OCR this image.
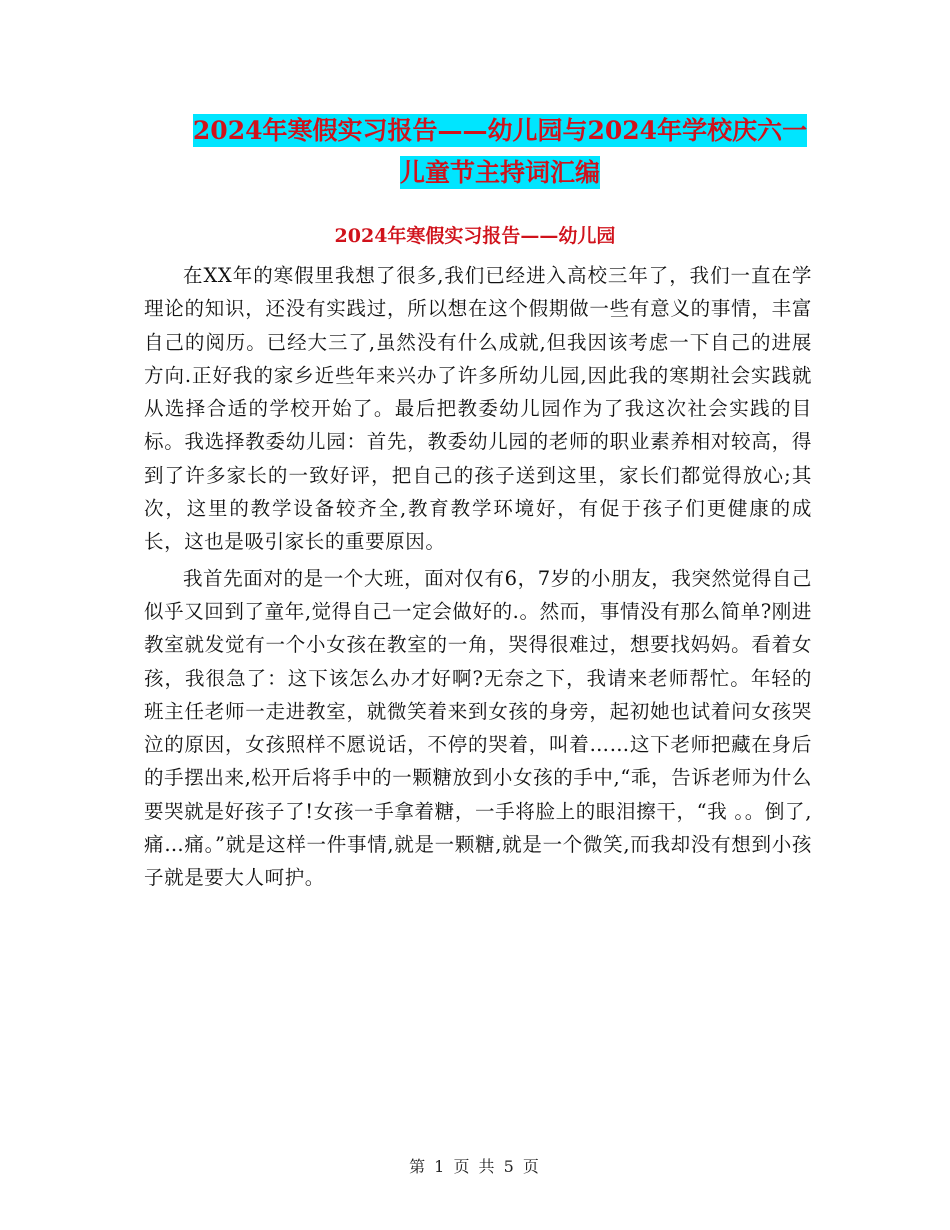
2024年寒假实习报告——幼儿园与2024年学校庆六一
儿童节主持词汇编
2024年寒假实习报告——幼儿园

在XX年的寒假里我想了很多,我们已经进入高校三年了，我们一直在学理论的知识，还没有实践过，所以想在这个假期做一些有意义的事情，丰富自己的阅历。已经大三了,虽然没有什么成就,但我因该考虑一下自己的进展方向.正好我的家乡近些年来兴办了许多所幼儿园,因此我的寒期社会实践就从选择合适的学校开始了。最后把教委幼儿园作为了我这次社会实践的目标。我选择教委幼儿园：首先，教委幼儿园的老师的职业素养相对较高，得到了许多家长的一致好评，把自己的孩子送到这里，家长们都觉得放心;其次，这里的教学设备较齐全,教育教学环境好，有促于孩子们更健康的成长，这也是吸引家长的重要原因。

我首先面对的是一个大班，面对仅有6，7岁的小朋友，我突然觉得自己似乎又回到了童年,觉得自己一定会做好的.。然而，事情没有那么简单?刚进教室就发觉有一个小女孩在教室的一角，哭得很难过，想要找妈妈。看着女孩，我很急了：这下该怎么办才好啊?无奈之下，我请来老师帮忙。年轻的班主任老师一走进教室，就微笑着来到女孩的身旁，起初她也试着问女孩哭泣的原因，女孩照样不愿说话，不停的哭着，叫着……这下老师把藏在身后的手摆出来,松开后将手中的一颗糖放到小女孩的手中,“乖，告诉老师为什么要哭就是好孩子了!女孩一手拿着糖，一手将脸上的眼泪擦干，“我 。。倒了,痛…痛。”就是这样一件事情,就是一颗糖,就是一个微笑,而我却没有想到小孩子就是要大人呵护。

第 1 页 共 5 页
